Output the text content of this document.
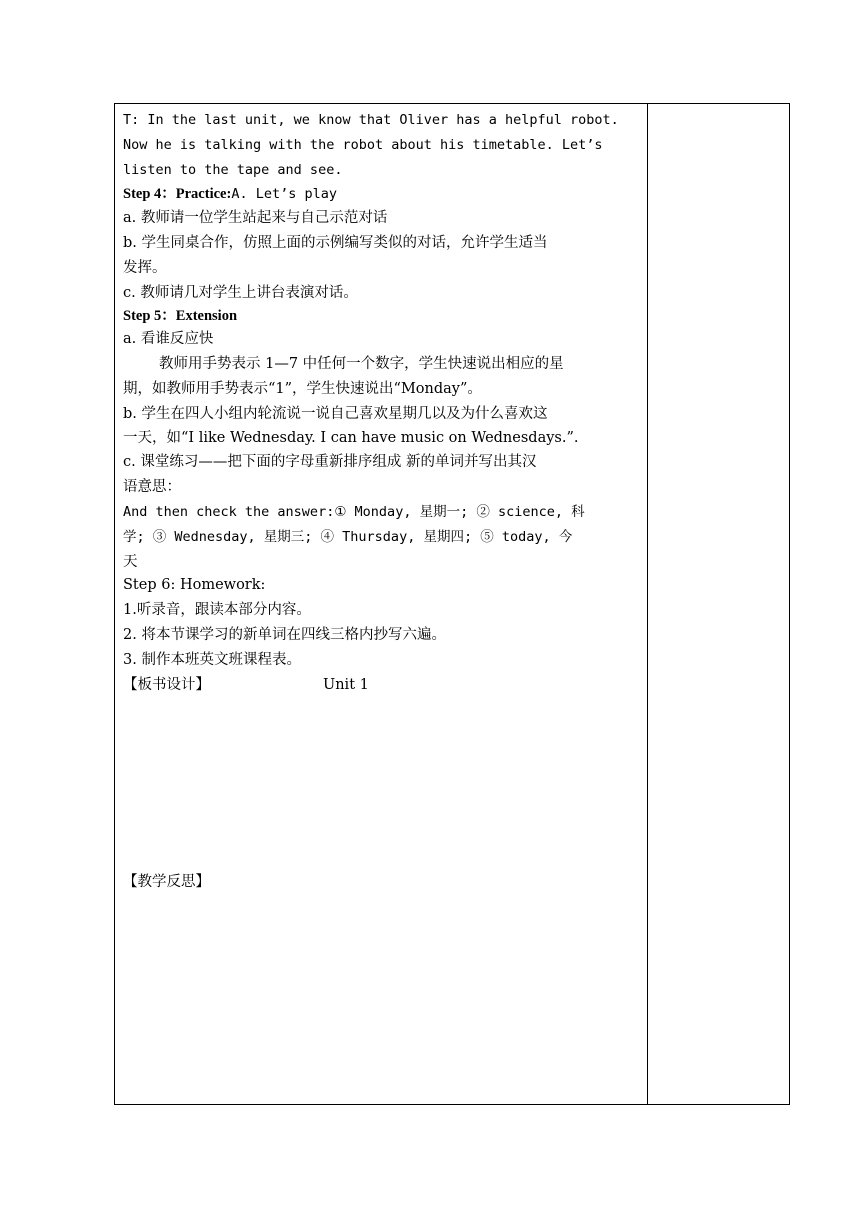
T: In the last unit, we know that Oliver has a helpful robot.
Now he is talking with the robot about his timetable. Let’s
listen to the tape and see.
Step 4：Practice:A. Let’s play
a. 教师请一位学生站起来与自己示范对话
b. 学生同桌合作，仿照上面的示例编写类似的对话，允许学生适当
发挥。
c. 教师请几对学生上讲台表演对话。
Step 5：Extension
a. 看谁反应快
教师用手势表示 1—7 中任何一个数字，学生快速说出相应的星
期，如教师用手势表示“1”，学生快速说出“Monday”。
b. 学生在四人小组内轮流说一说自己喜欢星期几以及为什么喜欢这
一天，如“I like Wednesday. I can have music on Wednesdays.”.
c. 课堂练习——把下面的字母重新排序组成 新的单词并写出其汉
语意思：
And then check the answer:① Monday, 星期一; ② science, 科
学; ③ Wednesday, 星期三; ④ Thursday, 星期四; ⑤ today, 今
天
Step 6: Homework:
1.听录音，跟读本部分内容。
2. 将本节课学习的新单词在四线三格内抄写六遍。
3. 制作本班英文班课程表。
【板书设计】	Unit 1
【教学反思】
